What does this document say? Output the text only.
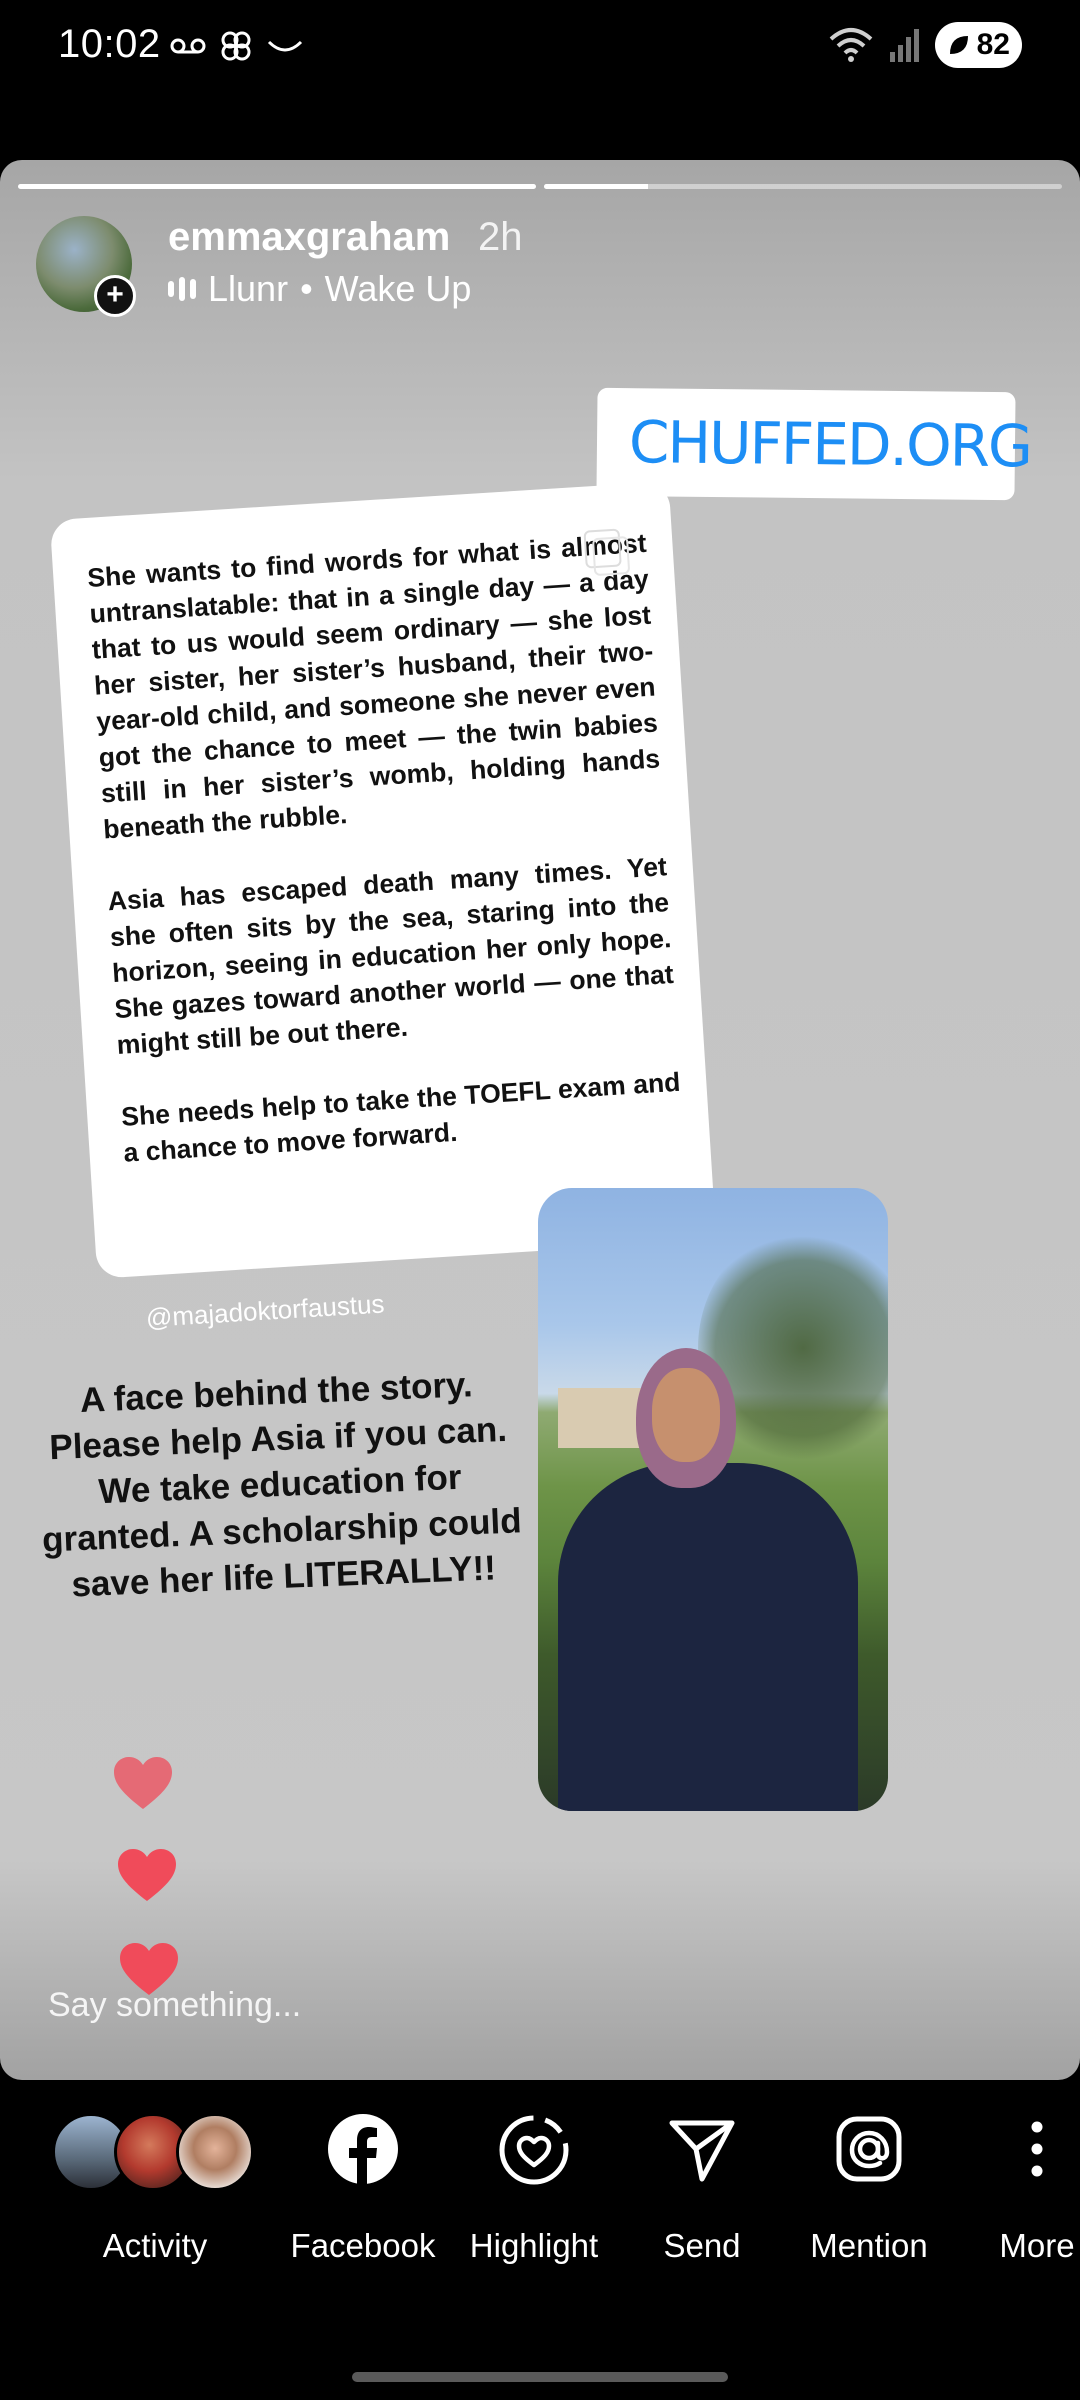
10:02	82
+
emmaxgraham 2h
Llunr • Wake Up
CHUFFED.ORG

She wants to find words for what is almost untranslatable: that in a single day — a day that to us would seem ordinary — she lost her sister, her sister’s husband, their two-year-old child, and someone she never even got the chance to meet — the twin babies still in her sister’s womb, holding hands beneath the rubble.

Asia has escaped death many times. Yet she often sits by the sea, staring into the horizon, seeing in education her only hope. She gazes toward another world — one that might still be out there.

She needs help to take the TOEFL exam and a chance to move forward.

@majadoktorfaustus
A face behind the story. Please help Asia if you can. We take education for granted. A scholarship could save her life LITERALLY!!
Say something...
Activity	Facebook Highlight Send Mention More
